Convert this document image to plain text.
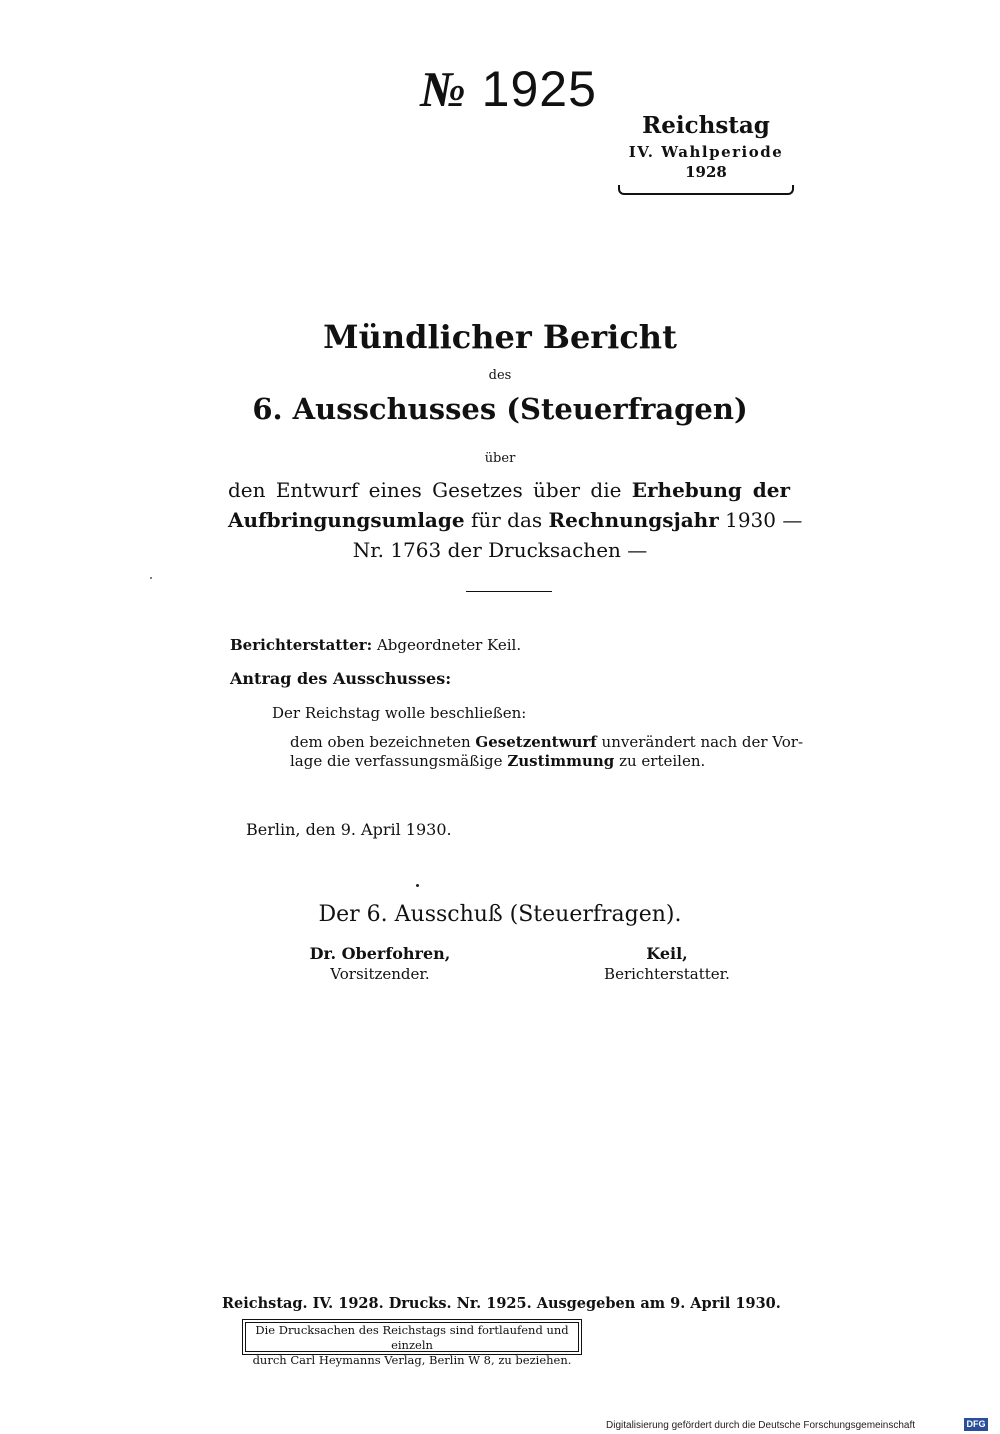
№ 1925
Reichstag
IV. Wahlperiode
1928
Mündlicher Bericht
des
6. Ausschusses (Steuerfragen)
über
den Entwurf eines Gesetzes über die Erhebung der
Aufbringungsumlage für das Rechnungsjahr 1930 —
Nr. 1763 der Drucksachen —
Berichterstatter: Abgeordneter Keil.
Antrag des Ausschusses:
Der Reichstag wolle beschließen:
dem oben bezeichneten Gesetzentwurf unverändert nach der Vor-
lage die verfassungsmäßige Zustimmung zu erteilen.
Berlin, den 9. April 1930.
Der 6. Ausschuß (Steuerfragen).
Dr. Oberfohren,
Vorsitzender.
Keil,
Berichterstatter.
Reichstag. IV. 1928. Drucks. Nr. 1925. Ausgegeben am 9. April 1930.
Die Drucksachen des Reichstags sind fortlaufend und einzeln
durch Carl Heymanns Verlag, Berlin W 8, zu beziehen.
Digitalisierung gefördert durch die Deutsche Forschungsgemeinschaft	DFG
